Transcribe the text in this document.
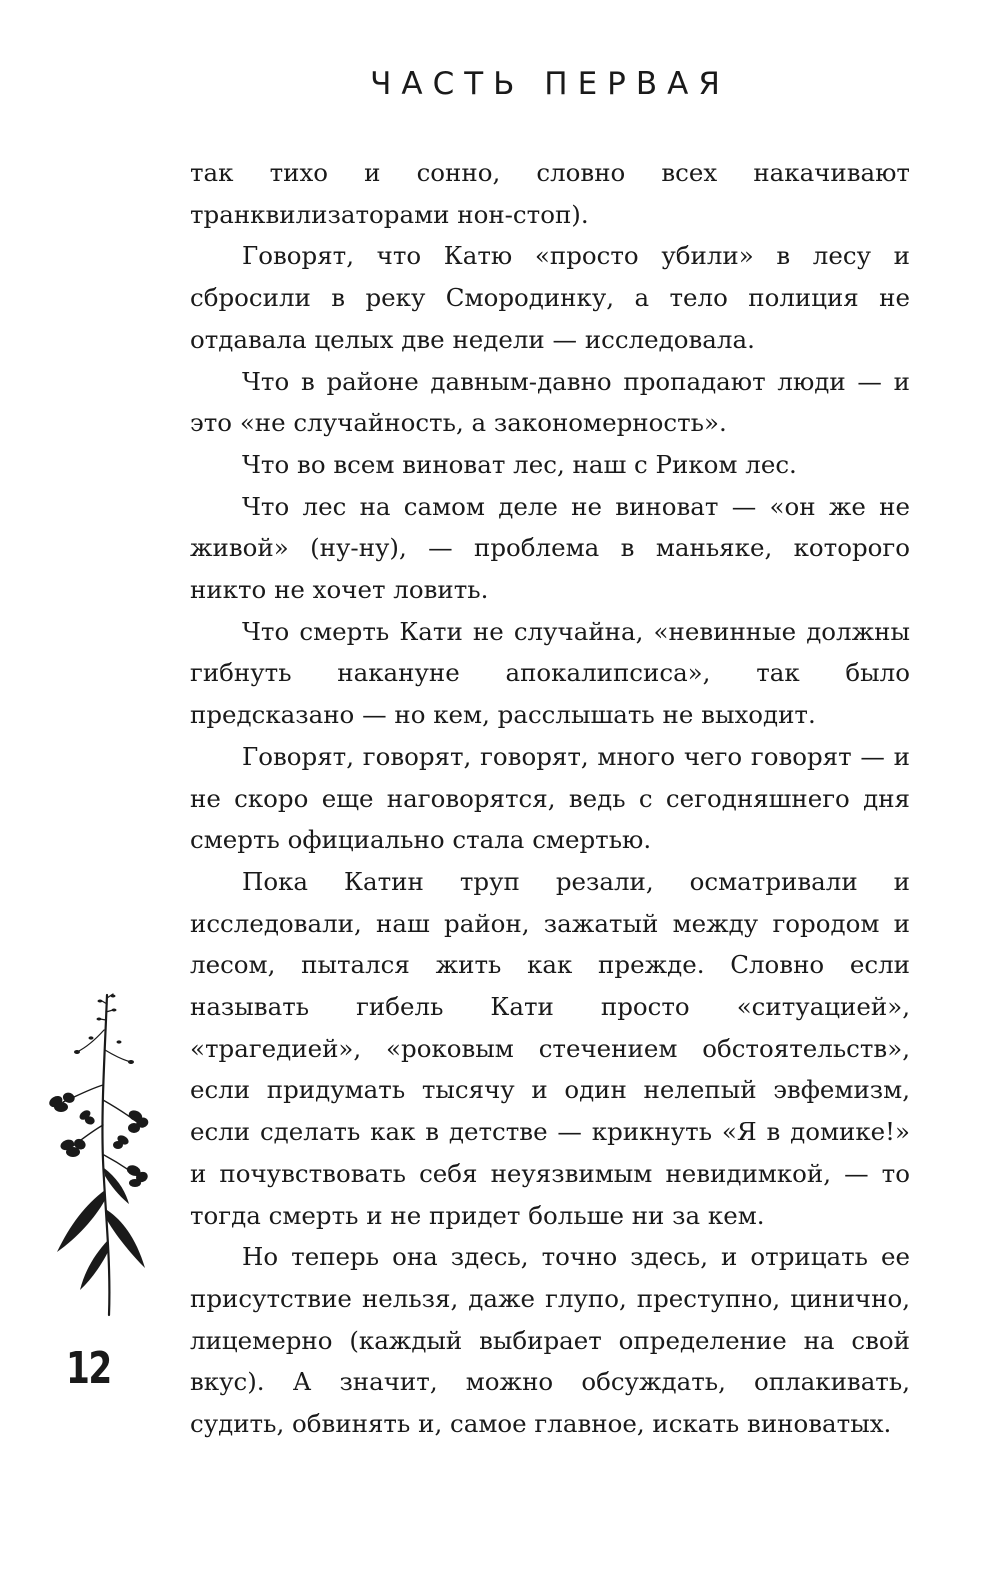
ЧАСТЬ ПЕРВАЯ

так тихо и сонно, словно всех накачивают транквилизаторами нон-стоп).

Говорят, что Катю «просто убили» в лесу и сбросили в реку Смородинку, а тело полиция не отдавала целых две недели — исследовала.

Что в районе давным-давно пропадают люди — и это «не случайность, а закономерность».

Что во всем виноват лес, наш с Риком лес.

Что лес на самом деле не виноват — «он же не живой» (ну-ну), — проблема в маньяке, которого никто не хочет ловить.

Что смерть Кати не случайна, «невинные должны гибнуть накануне апокалипсиса», так было предсказано — но кем, расслышать не выходит.

Говорят, говорят, говорят, много чего говорят — и не скоро еще наговорятся, ведь с сегодняшнего дня смерть официально стала смертью.

Пока Катин труп резали, осматривали и исследовали, наш район, зажатый между городом и лесом, пытался жить как прежде. Словно если называть гибель Кати просто «ситуацией», «трагедией», «роковым стечением обстоятельств», если придумать тысячу и один нелепый эвфемизм, если сделать как в детстве — крикнуть «Я в домике!» и почувствовать себя неуязвимым невидимкой, — то тогда смерть и не придет больше ни за кем.

Но теперь она здесь, точно здесь, и отрицать ее присутствие нельзя, даже глупо, преступно, цинично, лицемерно (каждый выбирает определение на свой вкус). А значит, можно обсуждать, оплакивать, судить, обвинять и, самое главное, искать виноватых.

12
